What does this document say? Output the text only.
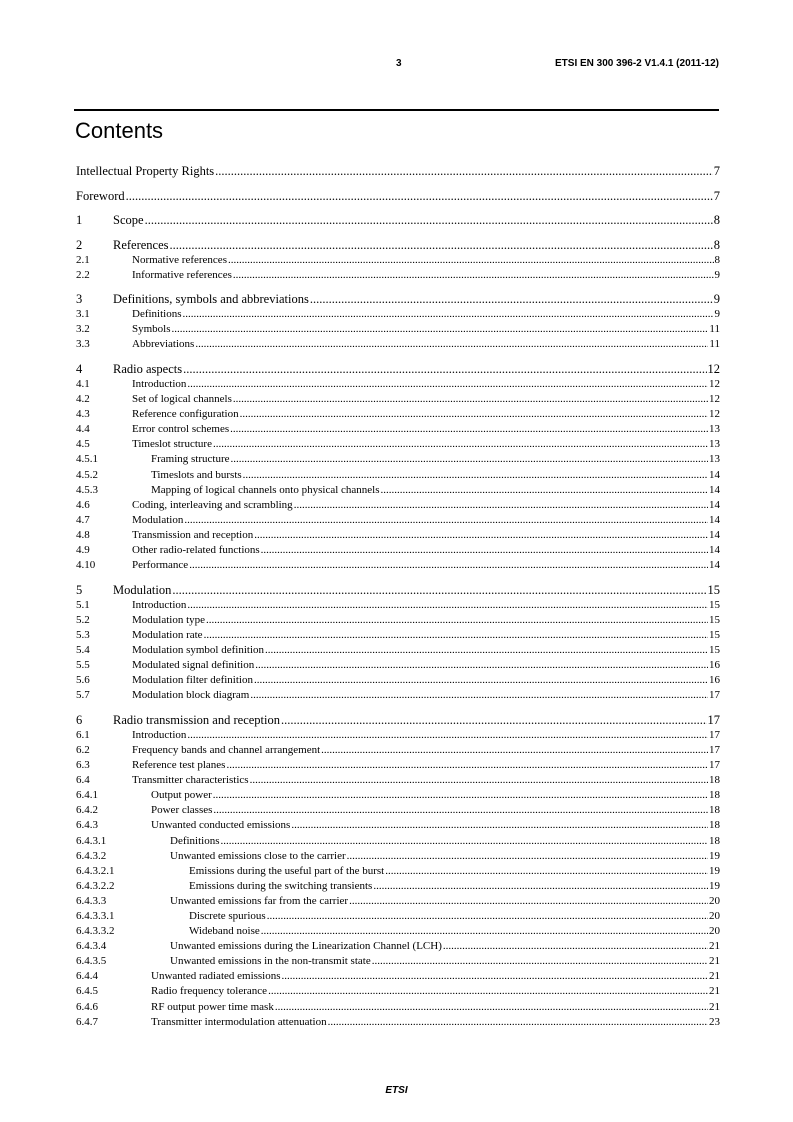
3	ETSI EN 300 396-2 V1.4.1 (2011-12)
Contents
Intellectual Property Rights .....	7
Foreword .....	7
1 Scope .....	8
2 References .....	8
2.1	Normative references .....	8
2.2	Informative references .....	9
3 Definitions, symbols and abbreviations .....	9
3.1	Definitions .....	9
3.2	Symbols .....	11
3.3	Abbreviations .....	11
4 Radio aspects .....	12
4.1	Introduction .....	12
4.2	Set of logical channels .....	12
4.3	Reference configuration .....	12
4.4	Error control schemes .....	13
4.5	Timeslot structure .....	13
4.5.1	Framing structure .....	13
4.5.2	Timeslots and bursts .....	14
4.5.3	Mapping of logical channels onto physical channels .....	14
4.6	Coding, interleaving and scrambling .....	14
4.7	Modulation .....	14
4.8	Transmission and reception .....	14
4.9	Other radio-related functions .....	14
4.10	Performance .....	14
5 Modulation .....	15
5.1	Introduction .....	15
5.2	Modulation type .....	15
5.3	Modulation rate .....	15
5.4	Modulation symbol definition .....	15
5.5	Modulated signal definition .....	16
5.6	Modulation filter definition .....	16
5.7	Modulation block diagram .....	17
6 Radio transmission and reception .....	17
6.1	Introduction .....	17
6.2	Frequency bands and channel arrangement .....	17
6.3	Reference test planes .....	17
6.4	Transmitter characteristics .....	18
6.4.1	Output power .....	18
6.4.2	Power classes .....	18
6.4.3	Unwanted conducted emissions .....	18
6.4.3.1	Definitions .....	18
6.4.3.2	Unwanted emissions close to the carrier .....	19
6.4.3.2.1	Emissions during the useful part of the burst .....	19
6.4.3.2.2	Emissions during the switching transients .....	19
6.4.3.3	Unwanted emissions far from the carrier .....	20
6.4.3.3.1	Discrete spurious .....	20
6.4.3.3.2	Wideband noise .....	20
6.4.3.4	Unwanted emissions during the Linearization Channel (LCH) .....	21
6.4.3.5	Unwanted emissions in the non-transmit state .....	21
6.4.4	Unwanted radiated emissions .....	21
6.4.5	Radio frequency tolerance .....	21
6.4.6	RF output power time mask .....	21
6.4.7	Transmitter intermodulation attenuation .....	23
ETSI
